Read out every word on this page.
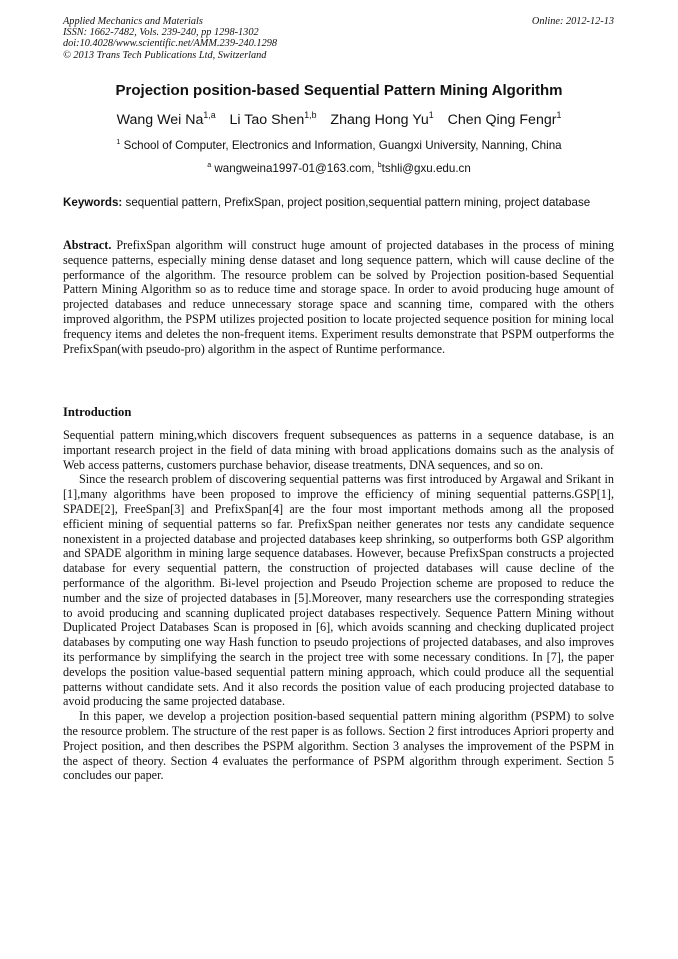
Applied Mechanics and Materials
ISSN: 1662-7482, Vols. 239-240, pp 1298-1302
doi:10.4028/www.scientific.net/AMM.239-240.1298
© 2013 Trans Tech Publications Ltd, Switzerland
Online: 2012-12-13
Projection position-based Sequential Pattern Mining Algorithm
Wang Wei Na$^{1,a}$ Li Tao Shen$^{1,b}$ Zhang Hong Yu$^1$ Chen Qing Fengr$^1$
$^1$ School of Computer, Electronics and Information, Guangxi University, Nanning, China
$^a$ wangweina1997-01@163.com, $^b$tshli@gxu.edu.cn
Keywords: sequential pattern, PrefixSpan, project position,sequential pattern mining, project database
Abstract. PrefixSpan algorithm will construct huge amount of projected databases in the process of mining sequence patterns, especially mining dense dataset and long sequence pattern, which will cause decline of the performance of the algorithm. The resource problem can be solved by Projection position-based Sequential Pattern Mining Algorithm so as to reduce time and storage space. In order to avoid producing huge amount of projected databases and reduce unnecessary storage space and scanning time, compared with the others improved algorithm, the PSPM utilizes projected position to locate projected sequence position for mining local frequency items and deletes the non-frequent items. Experiment results demonstrate that PSPM outperforms the PrefixSpan(with pseudo-pro) algorithm in the aspect of Runtime performance.
Introduction

Sequential pattern mining,which discovers frequent subsequences as patterns in a sequence database, is an important research project in the field of data mining with broad applications domains such as the analysis of Web access patterns, customers purchase behavior, disease treatments, DNA sequences, and so on.

Since the research problem of discovering sequential patterns was first introduced by Argawal and Srikant in [1],many algorithms have been proposed to improve the efficiency of mining sequential patterns.GSP[1], SPADE[2], FreeSpan[3] and PrefixSpan[4] are the four most important methods among all the proposed efficient mining of sequential patterns so far. PrefixSpan neither generates nor tests any candidate sequence nonexistent in a projected database and projected databases keep shrinking, so outperforms both GSP algorithm and SPADE algorithm in mining large sequence databases. However, because PrefixSpan constructs a projected database for every sequential pattern, the construction of projected databases will cause decline of the performance of the algorithm. Bi-level projection and Pseudo Projection scheme are proposed to reduce the number and the size of projected databases in [5].Moreover, many researchers use the corresponding strategies to avoid producing and scanning duplicated project databases respectively. Sequence Pattern Mining without Duplicated Project Databases Scan is proposed in [6], which avoids scanning and checking duplicated project databases by computing one way Hash function to pseudo projections of projected databases, and also improves its performance by simplifying the search in the project tree with some necessary conditions. In [7], the paper develops the position value-based sequential pattern mining approach, which could produce all the sequential patterns without candidate sets. And it also records the position value of each producing projected database to avoid producing the same projected database.

In this paper, we develop a projection position-based sequential pattern mining algorithm (PSPM) to solve the resource problem. The structure of the rest paper is as follows. Section 2 first introduces Apriori property and Project position, and then describes the PSPM algorithm. Section 3 analyses the improvement of the PSPM in the aspect of theory. Section 4 evaluates the performance of PSPM algorithm through experiment. Section 5 concludes our paper.
